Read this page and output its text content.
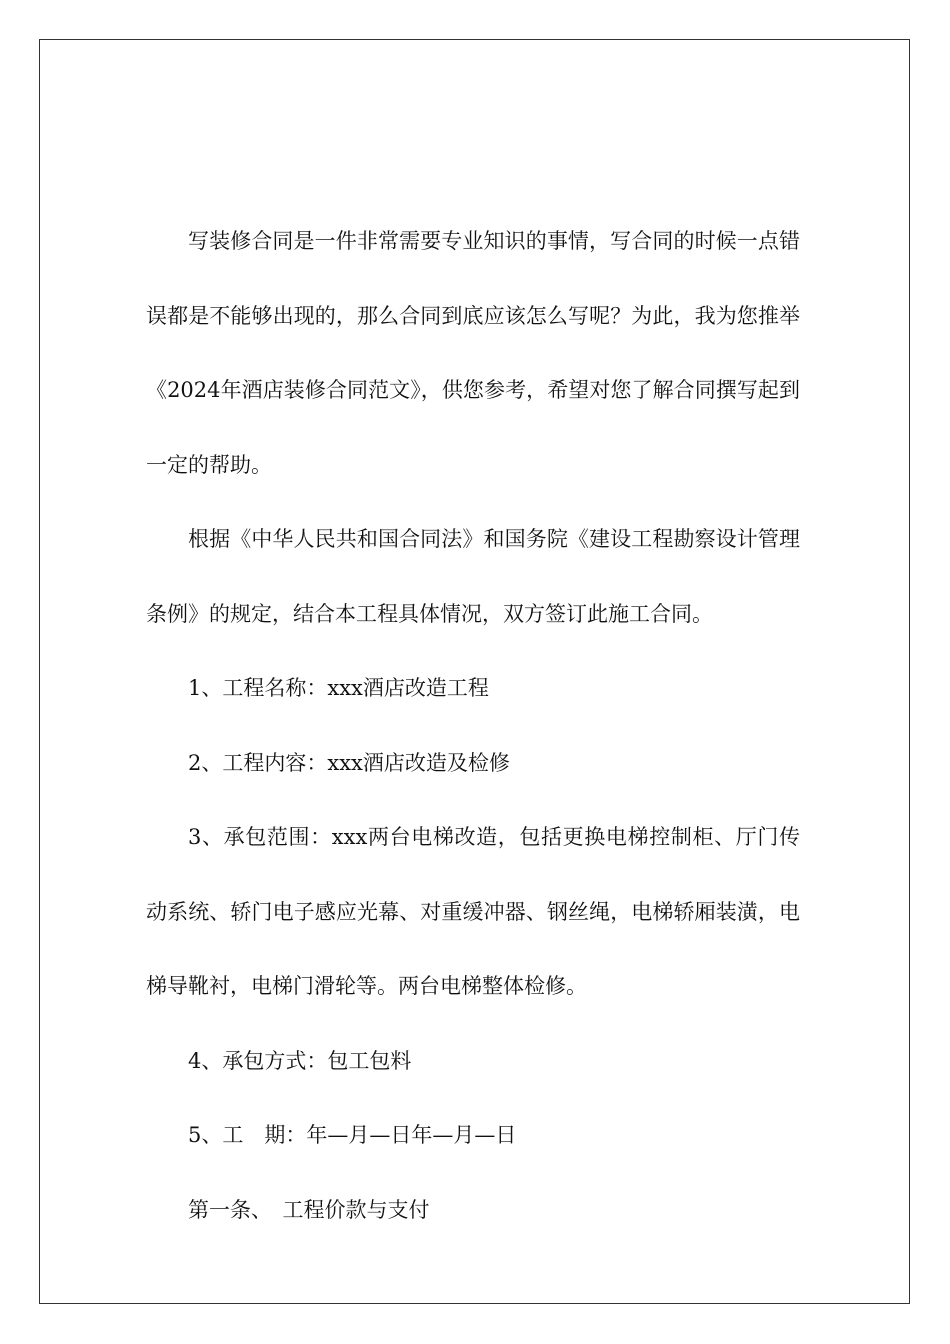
写装修合同是一件非常需要专业知识的事情，写合同的时候一点错误都是不能够出现的，那么合同到底应该怎么写呢？为此，我为您推举《2024年酒店装修合同范文》，供您参考，希望对您了解合同撰写起到一定的帮助。

根据《中华人民共和国合同法》和国务院《建设工程勘察设计管理条例》的规定，结合本工程具体情况，双方签订此施工合同。

1、工程名称：xxx酒店改造工程

2、工程内容：xxx酒店改造及检修

3、承包范围：xxx两台电梯改造，包括更换电梯控制柜、厅门传动系统、轿门电子感应光幕、对重缓冲器、钢丝绳，电梯轿厢装潢，电梯导靴衬，电梯门滑轮等。两台电梯整体检修。

4、承包方式：包工包料

5、工　期：年—月—日年—月—日

第一条、　工程价款与支付
